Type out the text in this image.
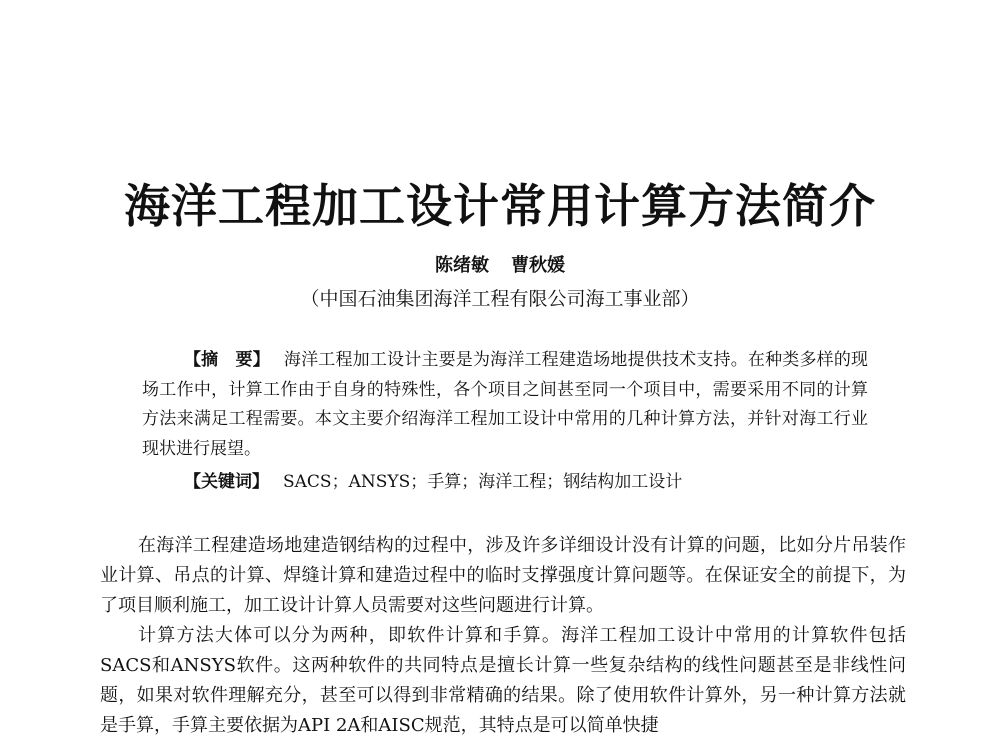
海洋工程加工设计常用计算方法简介
陈绪敏 曹秋媛
（中国石油集团海洋工程有限公司海工事业部）
【摘　要】 海洋工程加工设计主要是为海洋工程建造场地提供技术支持。在种类多样的现场工作中，计算工作由于自身的特殊性，各个项目之间甚至同一个项目中，需要采用不同的计算方法来满足工程需要。本文主要介绍海洋工程加工设计中常用的几种计算方法，并针对海工行业现状进行展望。
【关键词】 SACS；ANSYS；手算；海洋工程；钢结构加工设计

在海洋工程建造场地建造钢结构的过程中，涉及许多详细设计没有计算的问题，比如分片吊装作业计算、吊点的计算、焊缝计算和建造过程中的临时支撑强度计算问题等。在保证安全的前提下，为了项目顺利施工，加工设计计算人员需要对这些问题进行计算。

计算方法大体可以分为两种，即软件计算和手算。海洋工程加工设计中常用的计算软件包括SACS和ANSYS软件。这两种软件的共同特点是擅长计算一些复杂结构的线性问题甚至是非线性问题，如果对软件理解充分，甚至可以得到非常精确的结果。除了使用软件计算外，另一种计算方法就是手算，手算主要依据为API 2A和AISC规范，其特点是可以简单快捷
